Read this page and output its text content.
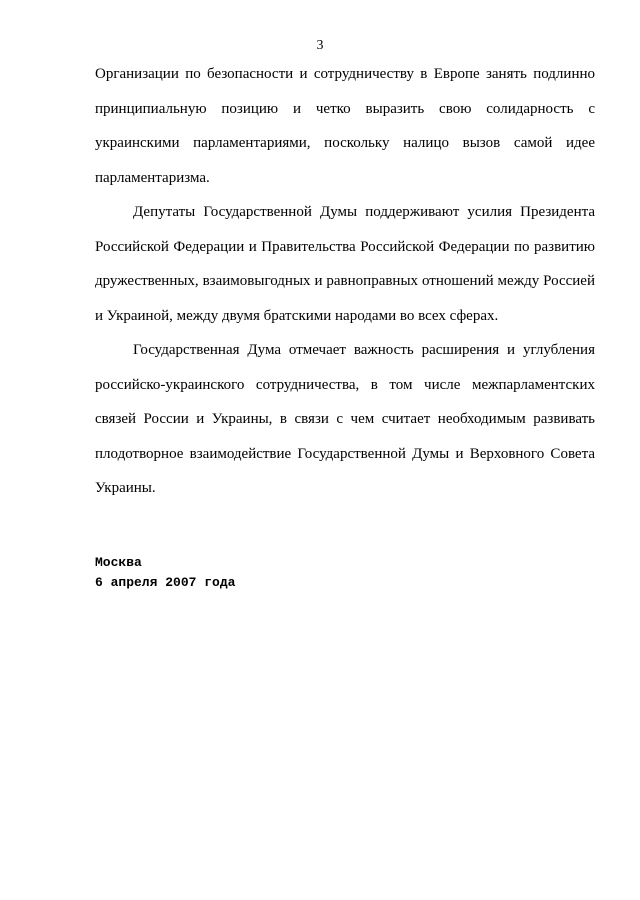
3

Организации по безопасности и сотрудничеству в Европе занять подлинно принципиальную позицию и четко выразить свою солидарность с украинскими парламентариями, поскольку налицо вызов самой идее парламентаризма.

Депутаты Государственной Думы поддерживают усилия Президента Российской Федерации и Правительства Российской Федерации по развитию дружественных, взаимовыгодных и равноправных отношений между Россией и Украиной, между двумя братскими народами во всех сферах.

Государственная Дума отмечает важность расширения и углубления российско-украинского сотрудничества, в том числе межпарламентских связей России и Украины, в связи с чем считает необходимым развивать плодотворное взаимодействие Государственной Думы и Верховного Совета Украины.

Москва
6 апреля 2007 года
